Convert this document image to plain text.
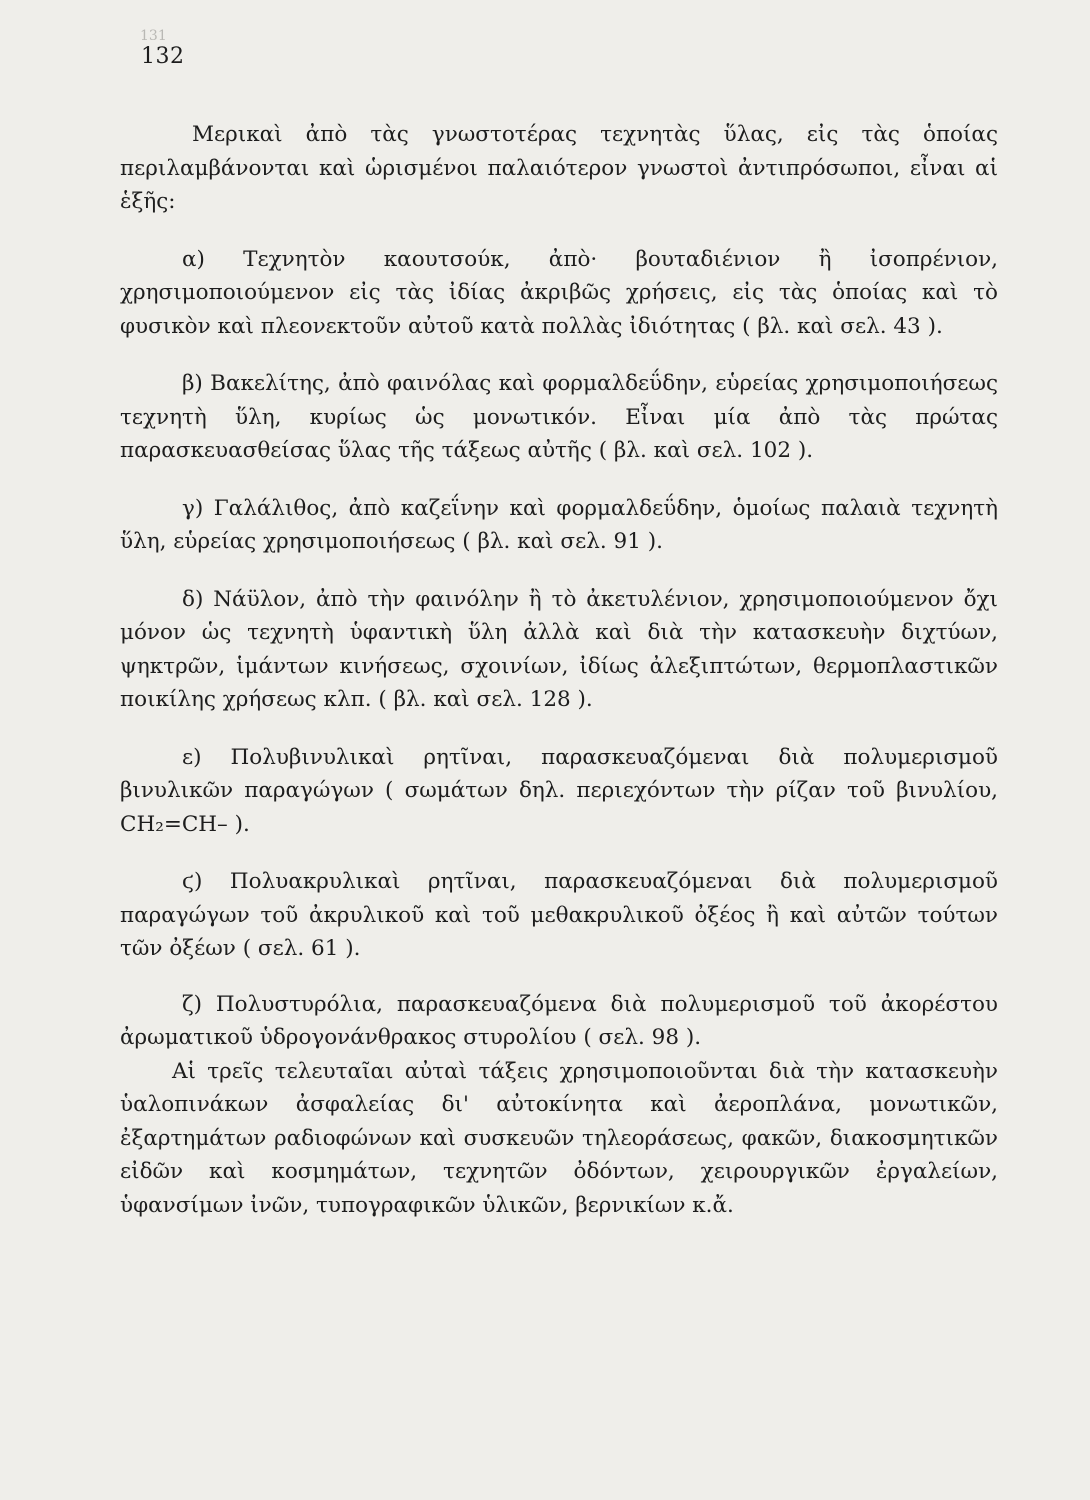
131
132

Μερικαὶ ἀπὸ τὰς γνωστοτέρας τεχνητὰς ὕλας, εἰς τὰς ὁποίας περιλαμβάνονται καὶ ὡρισμένοι παλαιότερον γνωστοὶ ἀντιπρόσωποι, εἶναι αἱ ἑξῆς:

α) Τεχνητὸν καουτσούκ, ἀπὸ· βουταδιένιον ἢ ἰσοπρένιον, χρησιμοποιούμενον εἰς τὰς ἰδίας ἀκριβῶς χρήσεις, εἰς τὰς ὁποίας καὶ τὸ φυσικὸν καὶ πλεονεκτοῦν αὐτοῦ κατὰ πολλὰς ἰδιότητας ( βλ. καὶ σελ. 43 ).

β) Βακελίτης, ἀπὸ φαινόλας καὶ φορμαλδεΰδην, εὑρείας χρησιμοποιήσεως τεχνητὴ ὕλη, κυρίως ὡς μονωτικόν. Εἶναι μία ἀπὸ τὰς πρώτας παρασκευασθείσας ὕλας τῆς τάξεως αὐτῆς ( βλ. καὶ σελ. 102 ).

γ) Γαλάλιθος, ἀπὸ καζεΐνην καὶ φορμαλδεΰδην, ὁμοίως παλαιὰ τεχνητὴ ὕλη, εὑρείας χρησιμοποιήσεως ( βλ. καὶ σελ. 91 ).

δ) Νάϋλον, ἀπὸ τὴν φαινόλην ἢ τὸ ἀκετυλένιον, χρησιμοποιούμενον ὄχι μόνον ὡς τεχνητὴ ὑφαντικὴ ὕλη ἀλλὰ καὶ διὰ τὴν κατασκευὴν διχτύων, ψηκτρῶν, ἱμάντων κινήσεως, σχοινίων, ἰδίως ἀλεξιπτώτων, θερμοπλαστικῶν ποικίλης χρήσεως κλπ. ( βλ. καὶ σελ. 128 ).

ε) Πολυβινυλικαὶ ρητῖναι, παρασκευαζόμεναι διὰ πολυμερισμοῦ βινυλικῶν παραγώγων ( σωμάτων δηλ. περιεχόντων τὴν ρίζαν τοῦ βινυλίου, CH₂=CH– ).

ϛ) Πολυακρυλικαὶ ρητῖναι, παρασκευαζόμεναι διὰ πολυμερισμοῦ παραγώγων τοῦ ἀκρυλικοῦ καὶ τοῦ μεθακρυλικοῦ ὀξέος ἢ καὶ αὐτῶν τούτων τῶν ὀξέων ( σελ. 61 ).

ζ) Πολυστυρόλια, παρασκευαζόμενα διὰ πολυμερισμοῦ τοῦ ἀκορέστου ἀρωματικοῦ ὑδρογονάνθρακος στυρολίου ( σελ. 98 ).

Αἱ τρεῖς τελευταῖαι αὐταὶ τάξεις χρησιμοποιοῦνται διὰ τὴν κατασκευὴν ὑαλοπινάκων ἀσφαλείας δι' αὐτοκίνητα καὶ ἀεροπλάνα, μονωτικῶν, ἐξαρτημάτων ραδιοφώνων καὶ συσκευῶν τηλεοράσεως, φακῶν, διακοσμητικῶν εἰδῶν καὶ κοσμημάτων, τεχνητῶν ὀδόντων, χειρουργικῶν ἐργαλείων, ὑφανσίμων ἰνῶν, τυπογραφικῶν ὑλικῶν, βερνικίων κ.ἄ.
